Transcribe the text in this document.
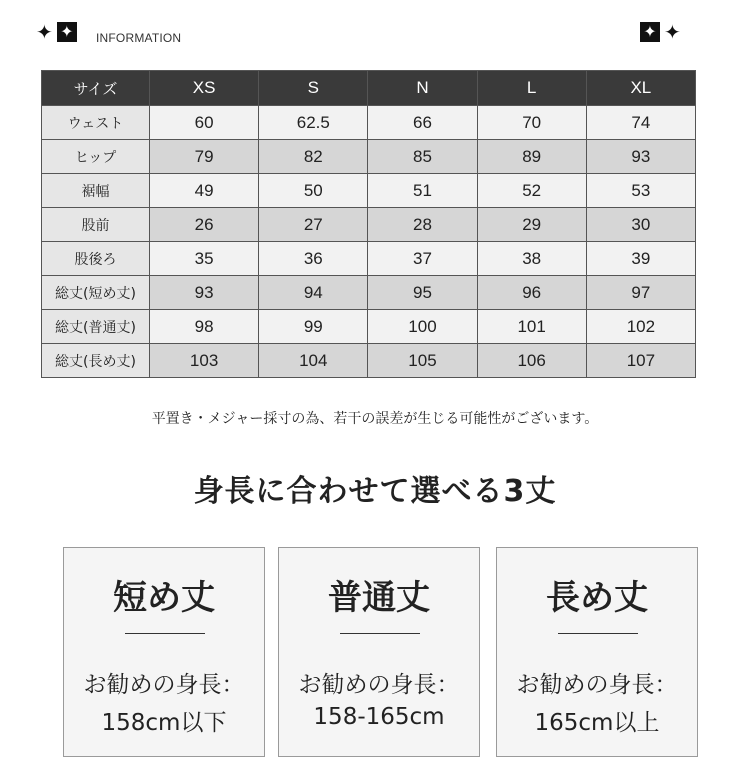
✦ ✦ INFORMATION	✦ ✦
サイズ	XS	S	N	L	XL
ウェスト	60	62.5	66	70	74
ヒップ	79	82	85	89	93
裾幅	49	50	51	52	53
股前	26	27	28	29	30
股後ろ	35	36	37	38	39
総丈(短め丈)	93	94	95	96	97
総丈(普通丈)	98	99	100	101	102
総丈(長め丈)	103	104	105	106	107
平置き・メジャー採寸の為、若干の誤差が生じる可能性がございます。
身長に合わせて選べる3丈
短め丈
お勧めの身長：
158cm以下
普通丈
お勧めの身長：
158-165cm
長め丈
お勧めの身長：
165cm以上
